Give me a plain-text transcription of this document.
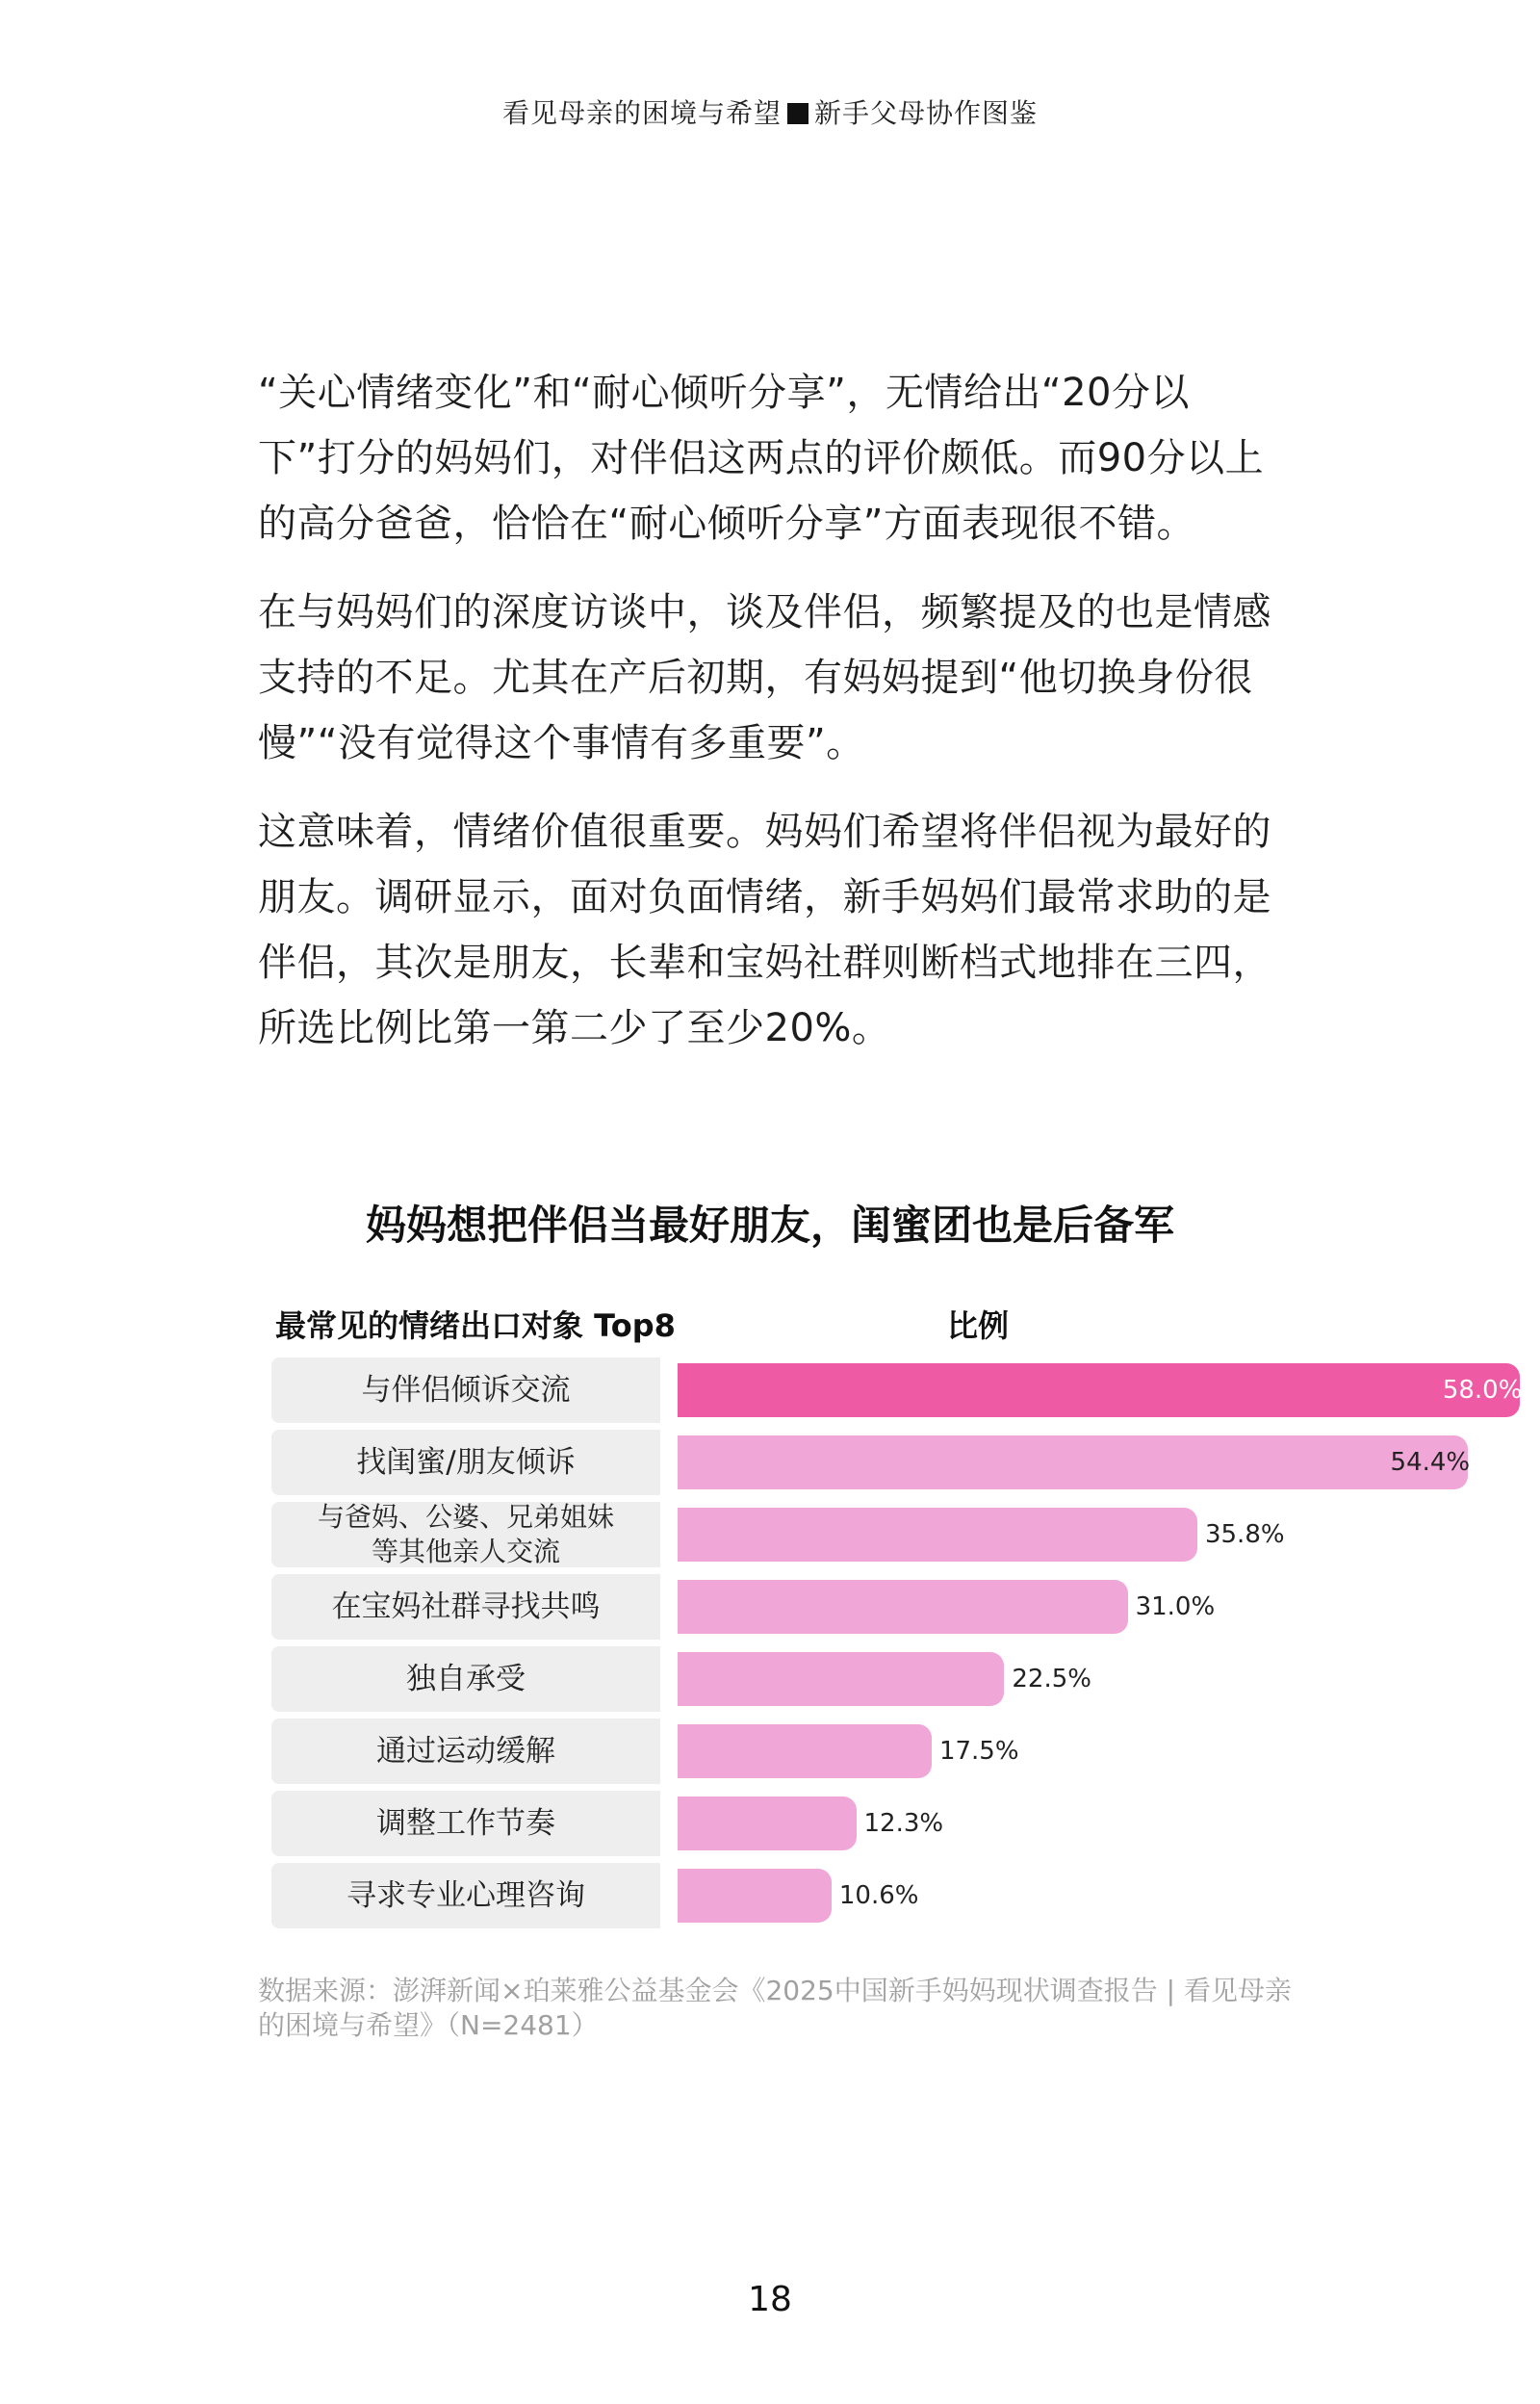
看见母亲的困境与希望 新手父母协作图鉴

“关心情绪变化”和“耐心倾听分享”，无情给出“20分以下”打分的妈妈们，对伴侣这两点的评价颇低。而90分以上的高分爸爸，恰恰在“耐心倾听分享”方面表现很不错。

在与妈妈们的深度访谈中，谈及伴侣，频繁提及的也是情感支持的不足。尤其在产后初期，有妈妈提到“他切换身份很慢”“没有觉得这个事情有多重要”。

这意味着，情绪价值很重要。妈妈们希望将伴侣视为最好的朋友。调研显示，面对负面情绪，新手妈妈们最常求助的是伴侣，其次是朋友，长辈和宝妈社群则断档式地排在三四，所选比例比第一第二少了至少20%。

妈妈想把伴侣当最好朋友，闺蜜团也是后备军
最常见的情绪出口对象 Top8	比例
与伴侣倾诉交流	58.0%
找闺蜜/朋友倾诉	54.4%
与爸妈、公婆、兄弟姐妹
等其他亲人交流
35.8%
在宝妈社群寻找共鸣	31.0%
独自承受	22.5%
通过运动缓解	17.5%
调整工作节奏	12.3%
寻求专业心理咨询	10.6%
数据来源：澎湃新闻×珀莱雅公益基金会《2025中国新手妈妈现状调查报告 | 看见母亲的困境与希望》（N=2481）
18
